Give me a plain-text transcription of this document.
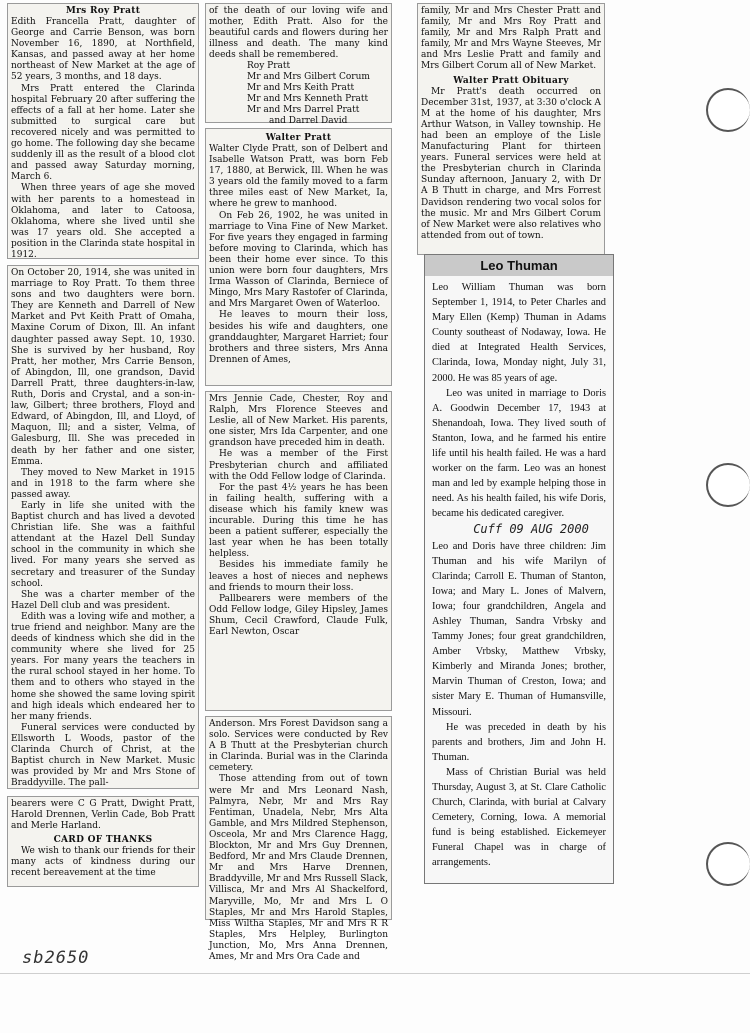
Mrs Roy Pratt

Edith Francella Pratt, daughter of George and Carrie Benson, was born November 16, 1890, at Northfield, Kansas, and passed away at her home northeast of New Market at the age of 52 years, 3 months, and 18 days.

Mrs Pratt entered the Clarinda hospital February 20 after suffering the effects of a fall at her home. Later she submitted to surgical care but recovered nicely and was permitted to go home. The following day she became suddenly ill as the result of a blood clot and passed away Saturday morning, March 6.

When three years of age she moved with her parents to a homestead in Oklahoma, and later to Catoosa, Oklahoma, where she lived until she was 17 years old. She accepted a position in the Clarinda state hospital in 1912.

On October 20, 1914, she was united in marriage to Roy Pratt. To them three sons and two daughters were born. They are Kenneth and Darrell of New Market and Pvt Keith Pratt of Omaha, Maxine Corum of Dixon, Ill. An infant daughter passed away Sept. 10, 1930. She is survived by her husband, Roy Pratt, her mother, Mrs Carrie Benson, of Abingdon, Ill, one grandson, David Darrell Pratt, three daughters-in-law, Ruth, Doris and Crystal, and a son-in-law, Gilbert; three brothers, Floyd and Edward, of Abingdon, Ill, and Lloyd, of Maquon, Ill; and a sister, Velma, of Galesburg, Ill. She was preceded in death by her father and one sister, Emma.

They moved to New Market in 1915 and in 1918 to the farm where she passed away.

Early in life she united with the Baptist church and has lived a devoted Christian life. She was a faithful attendant at the Hazel Dell Sunday school in the community in which she lived. For many years she served as secretary and treasurer of the Sunday school.

She was a charter member of the Hazel Dell club and was president.

Edith was a loving wife and mother, a true friend and neighbor. Many are the deeds of kindness which she did in the community where she lived for 25 years. For many years the teachers in the rural school stayed in her home. To them and to others who stayed in the home she showed the same loving spirit and high ideals which endeared her to her many friends.

Funeral services were conducted by Ellsworth L Woods, pastor of the Clarinda Church of Christ, at the Baptist church in New Market. Music was provided by Mr and Mrs Stone of Braddyville. The pall-

bearers were C G Pratt, Dwight Pratt, Harold Drennen, Verlin Cade, Bob Pratt and Merle Harland.

CARD OF THANKS

We wish to thank our friends for their many acts of kindness during our recent bereavement at the time

of the death of our loving wife and mother, Edith Pratt. Also for the beautiful cards and flowers during her illness and death. The many kind deeds shall be remembered.

Roy Pratt

Mr and Mrs Gilbert Corum

Mr and Mrs Keith Pratt

Mr and Mrs Kenneth Pratt

Mr and Mrs Darrel Pratt

and Darrel David

Walter Pratt

Walter Clyde Pratt, son of Delbert and Isabelle Watson Pratt, was born Feb 17, 1880, at Berwick, Ill. When he was 3 years old the family moved to a farm three miles east of New Market, Ia, where he grew to manhood.

On Feb 26, 1902, he was united in marriage to Vina Fine of New Market. For five years they engaged in farming before moving to Clarinda, which has been their home ever since. To this union were born four daughters, Mrs Irma Wasson of Clarinda, Berniece of Mingo, Mrs Mary Rastofer of Clarinda, and Mrs Margaret Owen of Waterloo.

He leaves to mourn their loss, besides his wife and daughters, one granddaughter, Margaret Harriet; four brothers and three sisters, Mrs Anna Drennen of Ames,

Mrs Jennie Cade, Chester, Roy and Ralph, Mrs Florence Steeves and Leslie, all of New Market. His parents, one sister, Mrs Ida Carpenter, and one grandson have preceded him in death.

He was a member of the First Presbyterian church and affiliated with the Odd Fellow lodge of Clarinda.

For the past 4½ years he has been in failing health, suffering with a disease which his family knew was incurable. During this time he has been a patient sufferer, especially the last year when he has been totally helpless.

Besides his immediate family he leaves a host of nieces and nephews and friends to mourn their loss.

Pallbearers were members of the Odd Fellow lodge, Giley Hipsley, James Shum, Cecil Crawford, Claude Fulk, Earl Newton, Oscar

Anderson. Mrs Forest Davidson sang a solo. Services were conducted by Rev A B Thutt at the Presbyterian church in Clarinda. Burial was in the Clarinda cemetery.

Those attending from out of town were Mr and Mrs Leonard Nash, Palmyra, Nebr, Mr and Mrs Ray Fentiman, Unadela, Nebr, Mrs Alta Gamble, and Mrs Mildred Stephenson, Osceola, Mr and Mrs Clarence Hagg, Blockton, Mr and Mrs Guy Drennen, Bedford, Mr and Mrs Claude Drennen, Mr and Mrs Harve Drennen, Braddyville, Mr and Mrs Russell Slack, Villisca, Mr and Mrs Al Shackelford, Maryville, Mo, Mr and Mrs L O Staples, Mr and Mrs Harold Staples, Miss Wiltha Staples, Mr and Mrs R R Staples, Mrs Helpley, Burlington Junction, Mo, Mrs Anna Drennen, Ames, Mr and Mrs Ora Cade and

family, Mr and Mrs Chester Pratt and family, Mr and Mrs Roy Pratt and family, Mr and Mrs Ralph Pratt and family, Mr and Mrs Wayne Steeves, Mr and Mrs Leslie Pratt and family and Mrs Gilbert Corum all of New Market.

Walter Pratt Obituary

Mr Pratt's death occurred on December 31st, 1937, at 3:30 o'clock A M at the home of his daughter, Mrs Arthur Watson, in Valley township. He had been an employe of the Lisle Manufacturing Plant for thirteen years. Funeral services were held at the Presbyterian church in Clarinda Sunday afternoon, January 2, with Dr A B Thutt in charge, and Mrs Forrest Davidson rendering two vocal solos for the music. Mr and Mrs Gilbert Corum of New Market were also relatives who attended from out of town.

Leo Thuman

Leo William Thuman was born September 1, 1914, to Peter Charles and Mary Ellen (Kemp) Thuman in Adams County southeast of Nodaway, Iowa. He died at Integrated Health Services, Clarinda, Iowa, Monday night, July 31, 2000. He was 85 years of age.

Leo was united in marriage to Doris A. Goodwin December 17, 1943 at Shenandoah, Iowa. They lived south of Stanton, Iowa, and he farmed his entire life until his health failed. He was a hard worker on the farm. Leo was an honest man and led by example helping those in need. As his health failed, his wife Doris, became his dedicated caregiver.

Cuff 09 AUG 2000

Leo and Doris have three children: Jim Thuman and his wife Marilyn of Clarinda; Carroll E. Thuman of Stanton, Iowa; and Mary L. Jones of Malvern, Iowa; four grandchildren, Angela and Ashley Thuman, Sandra Vrbsky and Tammy Jones; four great grandchildren, Amber Vrbsky, Matthew Vrbsky, Kimberly and Miranda Jones; brother, Marvin Thuman of Creston, Iowa; and sister Mary E. Thuman of Humansville, Missouri.

He was preceded in death by his parents and brothers, Jim and John H. Thuman.

Mass of Christian Burial was held Thursday, August 3, at St. Clare Catholic Church, Clarinda, with burial at Calvary Cemetery, Corning, Iowa. A memorial fund is being established. Eickemeyer Funeral Chapel was in charge of arrangements.

sb2650
